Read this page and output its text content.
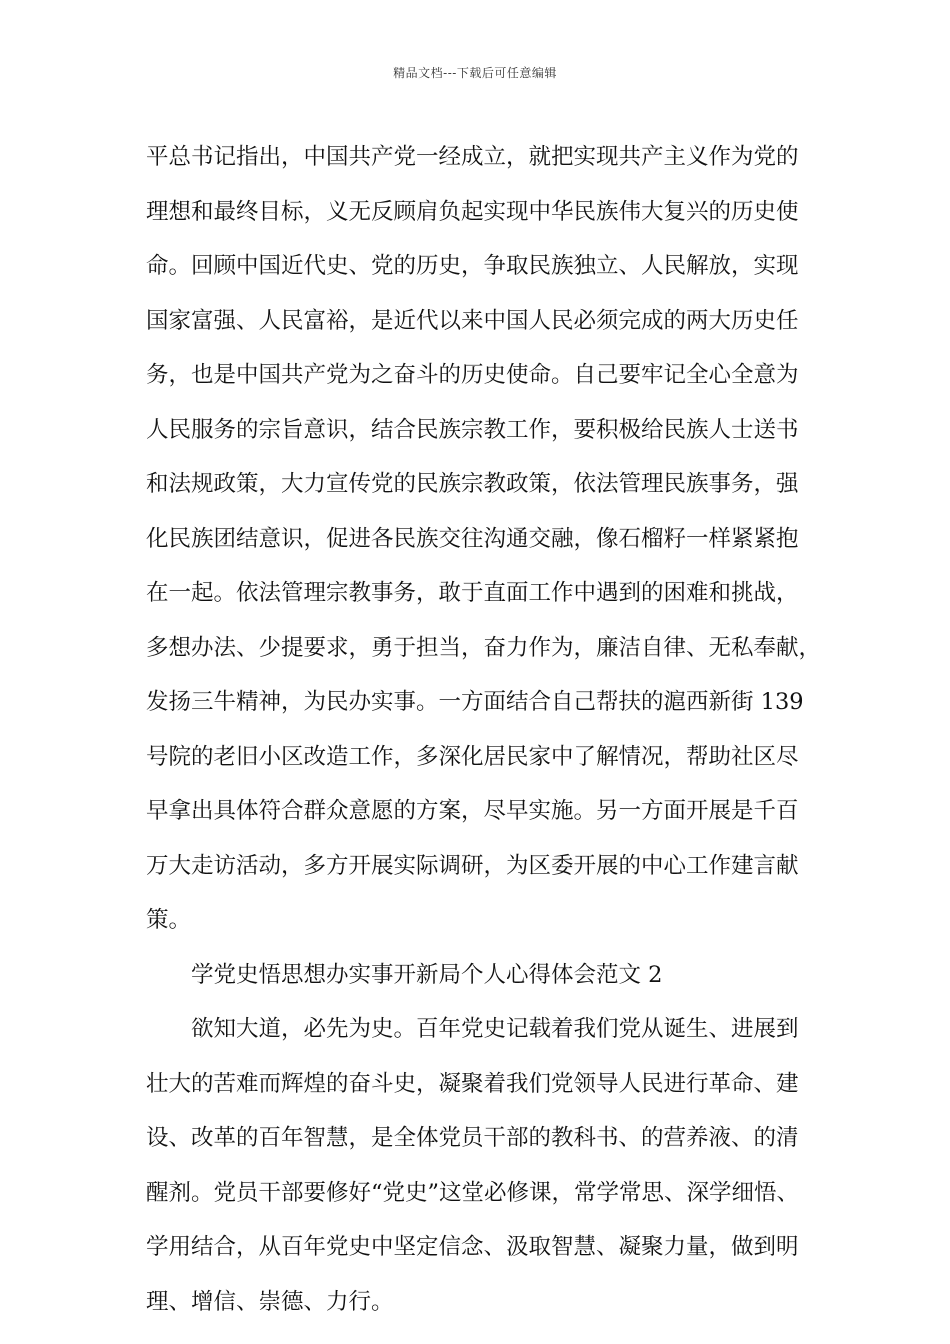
精品文档---下载后可任意编辑
平总书记指出，中国共产党一经成立，就把实现共产主义作为党的
理想和最终目标，义无反顾肩负起实现中华民族伟大复兴的历史使
命。回顾中国近代史、党的历史，争取民族独立、人民解放，实现
国家富强、人民富裕，是近代以来中国人民必须完成的两大历史任
务，也是中国共产党为之奋斗的历史使命。自己要牢记全心全意为
人民服务的宗旨意识，结合民族宗教工作，要积极给民族人士送书
和法规政策，大力宣传党的民族宗教政策，依法管理民族事务，强
化民族团结意识，促进各民族交往沟通交融，像石榴籽一样紧紧抱
在一起。依法管理宗教事务，敢于直面工作中遇到的困难和挑战，
多想办法、少提要求，勇于担当，奋力作为，廉洁自律、无私奉献，
发扬三牛精神，为民办实事。一方面结合自己帮扶的滬西新街 139
号院的老旧小区改造工作，多深化居民家中了解情况，帮助社区尽
早拿出具体符合群众意愿的方案，尽早实施。另一方面开展是千百
万大走访活动，多方开展实际调研，为区委开展的中心工作建言献
策。
学党史悟思想办实事开新局个人心得体会范文 2
欲知大道，必先为史。百年党史记载着我们党从诞生、进展到
壮大的苦难而辉煌的奋斗史，凝聚着我们党领导人民进行革命、建
设、改革的百年智慧，是全体党员干部的教科书、的营养液、的清
醒剂。党员干部要修好“党史”这堂必修课，常学常思、深学细悟、
学用结合，从百年党史中坚定信念、汲取智慧、凝聚力量，做到明
理、增信、崇德、力行。
